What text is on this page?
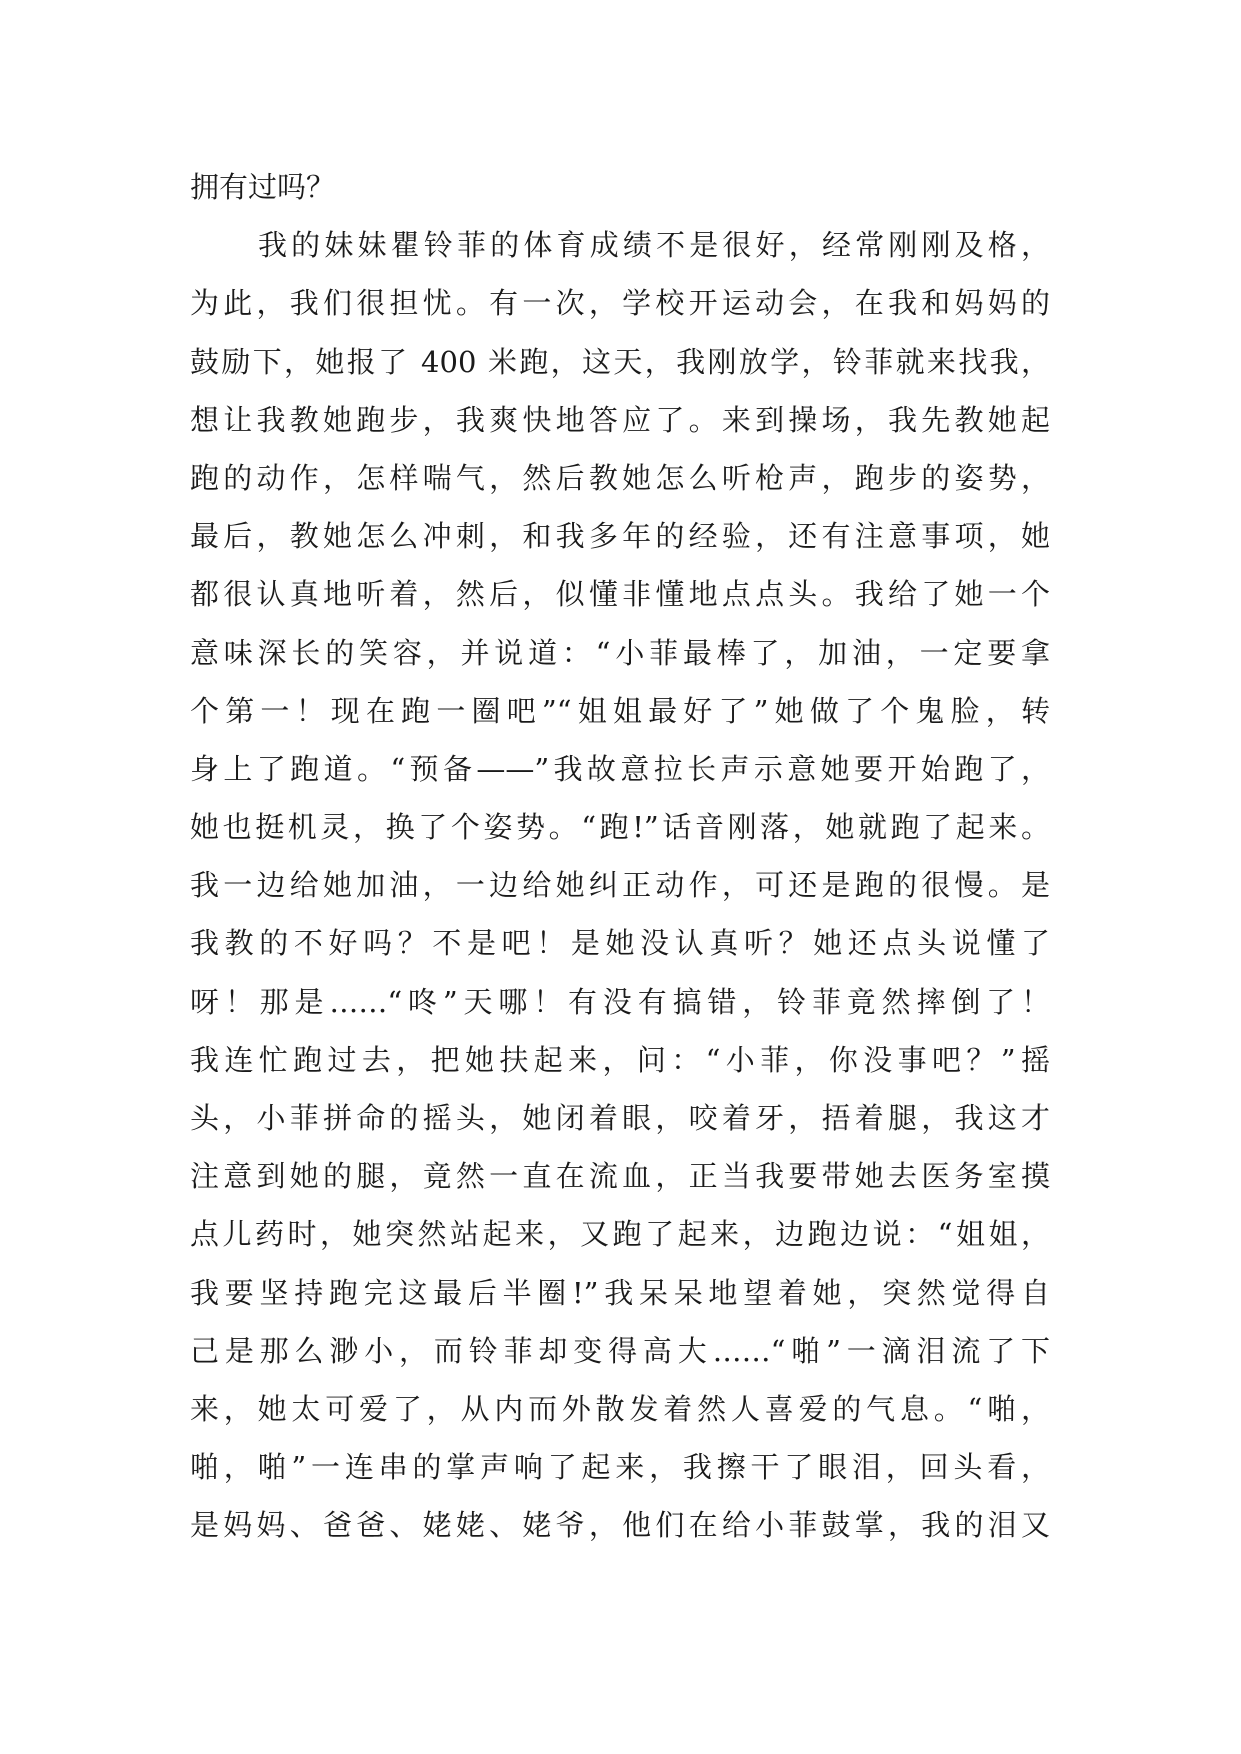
拥有过吗？
我的妹妹瞿铃菲的体育成绩不是很好，经常刚刚及格，
为此，我们很担忧。有一次，学校开运动会，在我和妈妈的
鼓励下，她报了 400 米跑，这天，我刚放学，铃菲就来找我，
想让我教她跑步，我爽快地答应了。来到操场，我先教她起
跑的动作，怎样喘气，然后教她怎么听枪声，跑步的姿势，
最后，教她怎么冲刺，和我多年的经验，还有注意事项，她
都很认真地听着，然后，似懂非懂地点点头。我给了她一个
意味深长的笑容，并说道：“小菲最棒了，加油，一定要拿
个第一！现在跑一圈吧”“姐姐最好了”她做了个鬼脸，转
身上了跑道。“预备——”我故意拉长声示意她要开始跑了，
她也挺机灵，换了个姿势。“跑!”话音刚落，她就跑了起来。
我一边给她加油，一边给她纠正动作，可还是跑的很慢。是
我教的不好吗？不是吧！是她没认真听？她还点头说懂了
呀！那是……“咚”天哪！有没有搞错，铃菲竟然摔倒了！
我连忙跑过去，把她扶起来，问：“小菲，你没事吧？”摇
头，小菲拼命的摇头，她闭着眼，咬着牙，捂着腿，我这才
注意到她的腿，竟然一直在流血，正当我要带她去医务室摸
点儿药时，她突然站起来，又跑了起来，边跑边说：“姐姐，
我要坚持跑完这最后半圈!”我呆呆地望着她，突然觉得自
己是那么渺小，而铃菲却变得高大……“啪”一滴泪流了下
来，她太可爱了，从内而外散发着然人喜爱的气息。“啪，
啪，啪”一连串的掌声响了起来，我擦干了眼泪，回头看，
是妈妈、爸爸、姥姥、姥爷，他们在给小菲鼓掌，我的泪又
